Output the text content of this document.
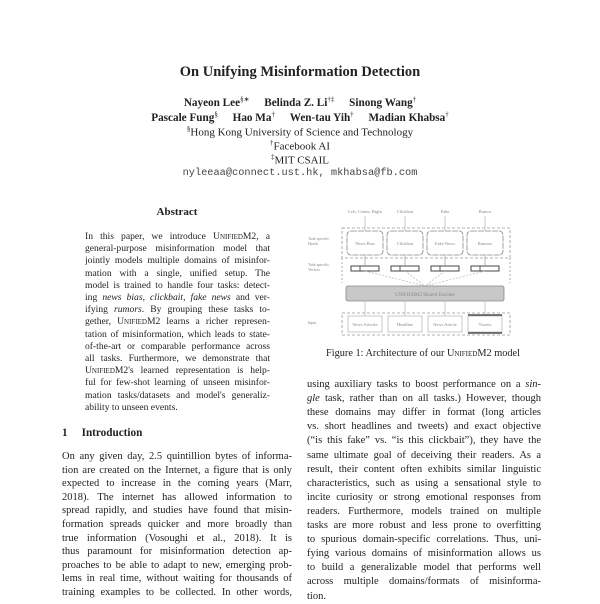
On Unifying Misinformation Detection
Nayeon Lee§∗ Belinda Z. Li†‡ Sinong Wang†
Pascale Fung§ Hao Ma† Wen-tau Yih† Madian Khabsa†
§Hong Kong University of Science and Technology
†Facebook AI
‡MIT CSAIL
nyleeaa@connect.ust.hk, mkhabsa@fb.com
Abstract
In this paper, we introduce UnifiedM2, a
general-purpose misinformation model that
jointly models multiple domains of misinfor-
mation with a single, unified setup. The
model is trained to handle four tasks: detect-
ing news bias, clickbait, fake news and ver-
ifying rumors. By grouping these tasks to-
gether, UnifiedM2 learns a richer represen-
tation of misinformation, which leads to state-
of-the-art or comparable performance across
all tasks. Furthermore, we demonstrate that
UnifiedM2's learned representation is help-
ful for few-shot learning of unseen misinfor-
mation tasks/datasets and model's generaliz-
ability to unseen events.
1 Introduction
On any given day, 2.5 quintillion bytes of informa-
tion are created on the Internet, a figure that is only
expected to increase in the coming years (Marr,
2018). The internet has allowed information to
spread rapidly, and studies have found that misin-
formation spreads quicker and more broadly than
true information (Vosoughi et al., 2018). It is
thus paramount for misinformation detection ap-
proaches to be able to adapt to new, emerging prob-
lems in real time, without waiting for thousands of
training examples to be collected. In other words,
News Bias
Left, Center, Right
Clickbait
Clickbait
Fake News
Fake
Rumors
Rumor
News Articles	Headline	News Article	Tweets
UNIFIEDM2 Shared Encoder
Task-specific Heads
Task-specific Vectors
Input
Figure 1: Architecture of our UnifiedM2 model
using auxiliary tasks to boost performance on a sin-
gle task, rather than on all tasks.) However, though
these domains may differ in format (long articles
vs. short headlines and tweets) and exact objective
(“is this fake” vs. “is this clickbait”), they have the
same ultimate goal of deceiving their readers. As a
result, their content often exhibits similar linguistic
characteristics, such as using a sensational style to
incite curiosity or strong emotional responses from
readers. Furthermore, models trained on multiple
tasks are more robust and less prone to overfitting
to spurious domain-specific correlations. Thus, uni-
fying various domains of misinformation allows us
to build a generalizable model that performs well
across multiple domains/formats of misinforma-
tion.
